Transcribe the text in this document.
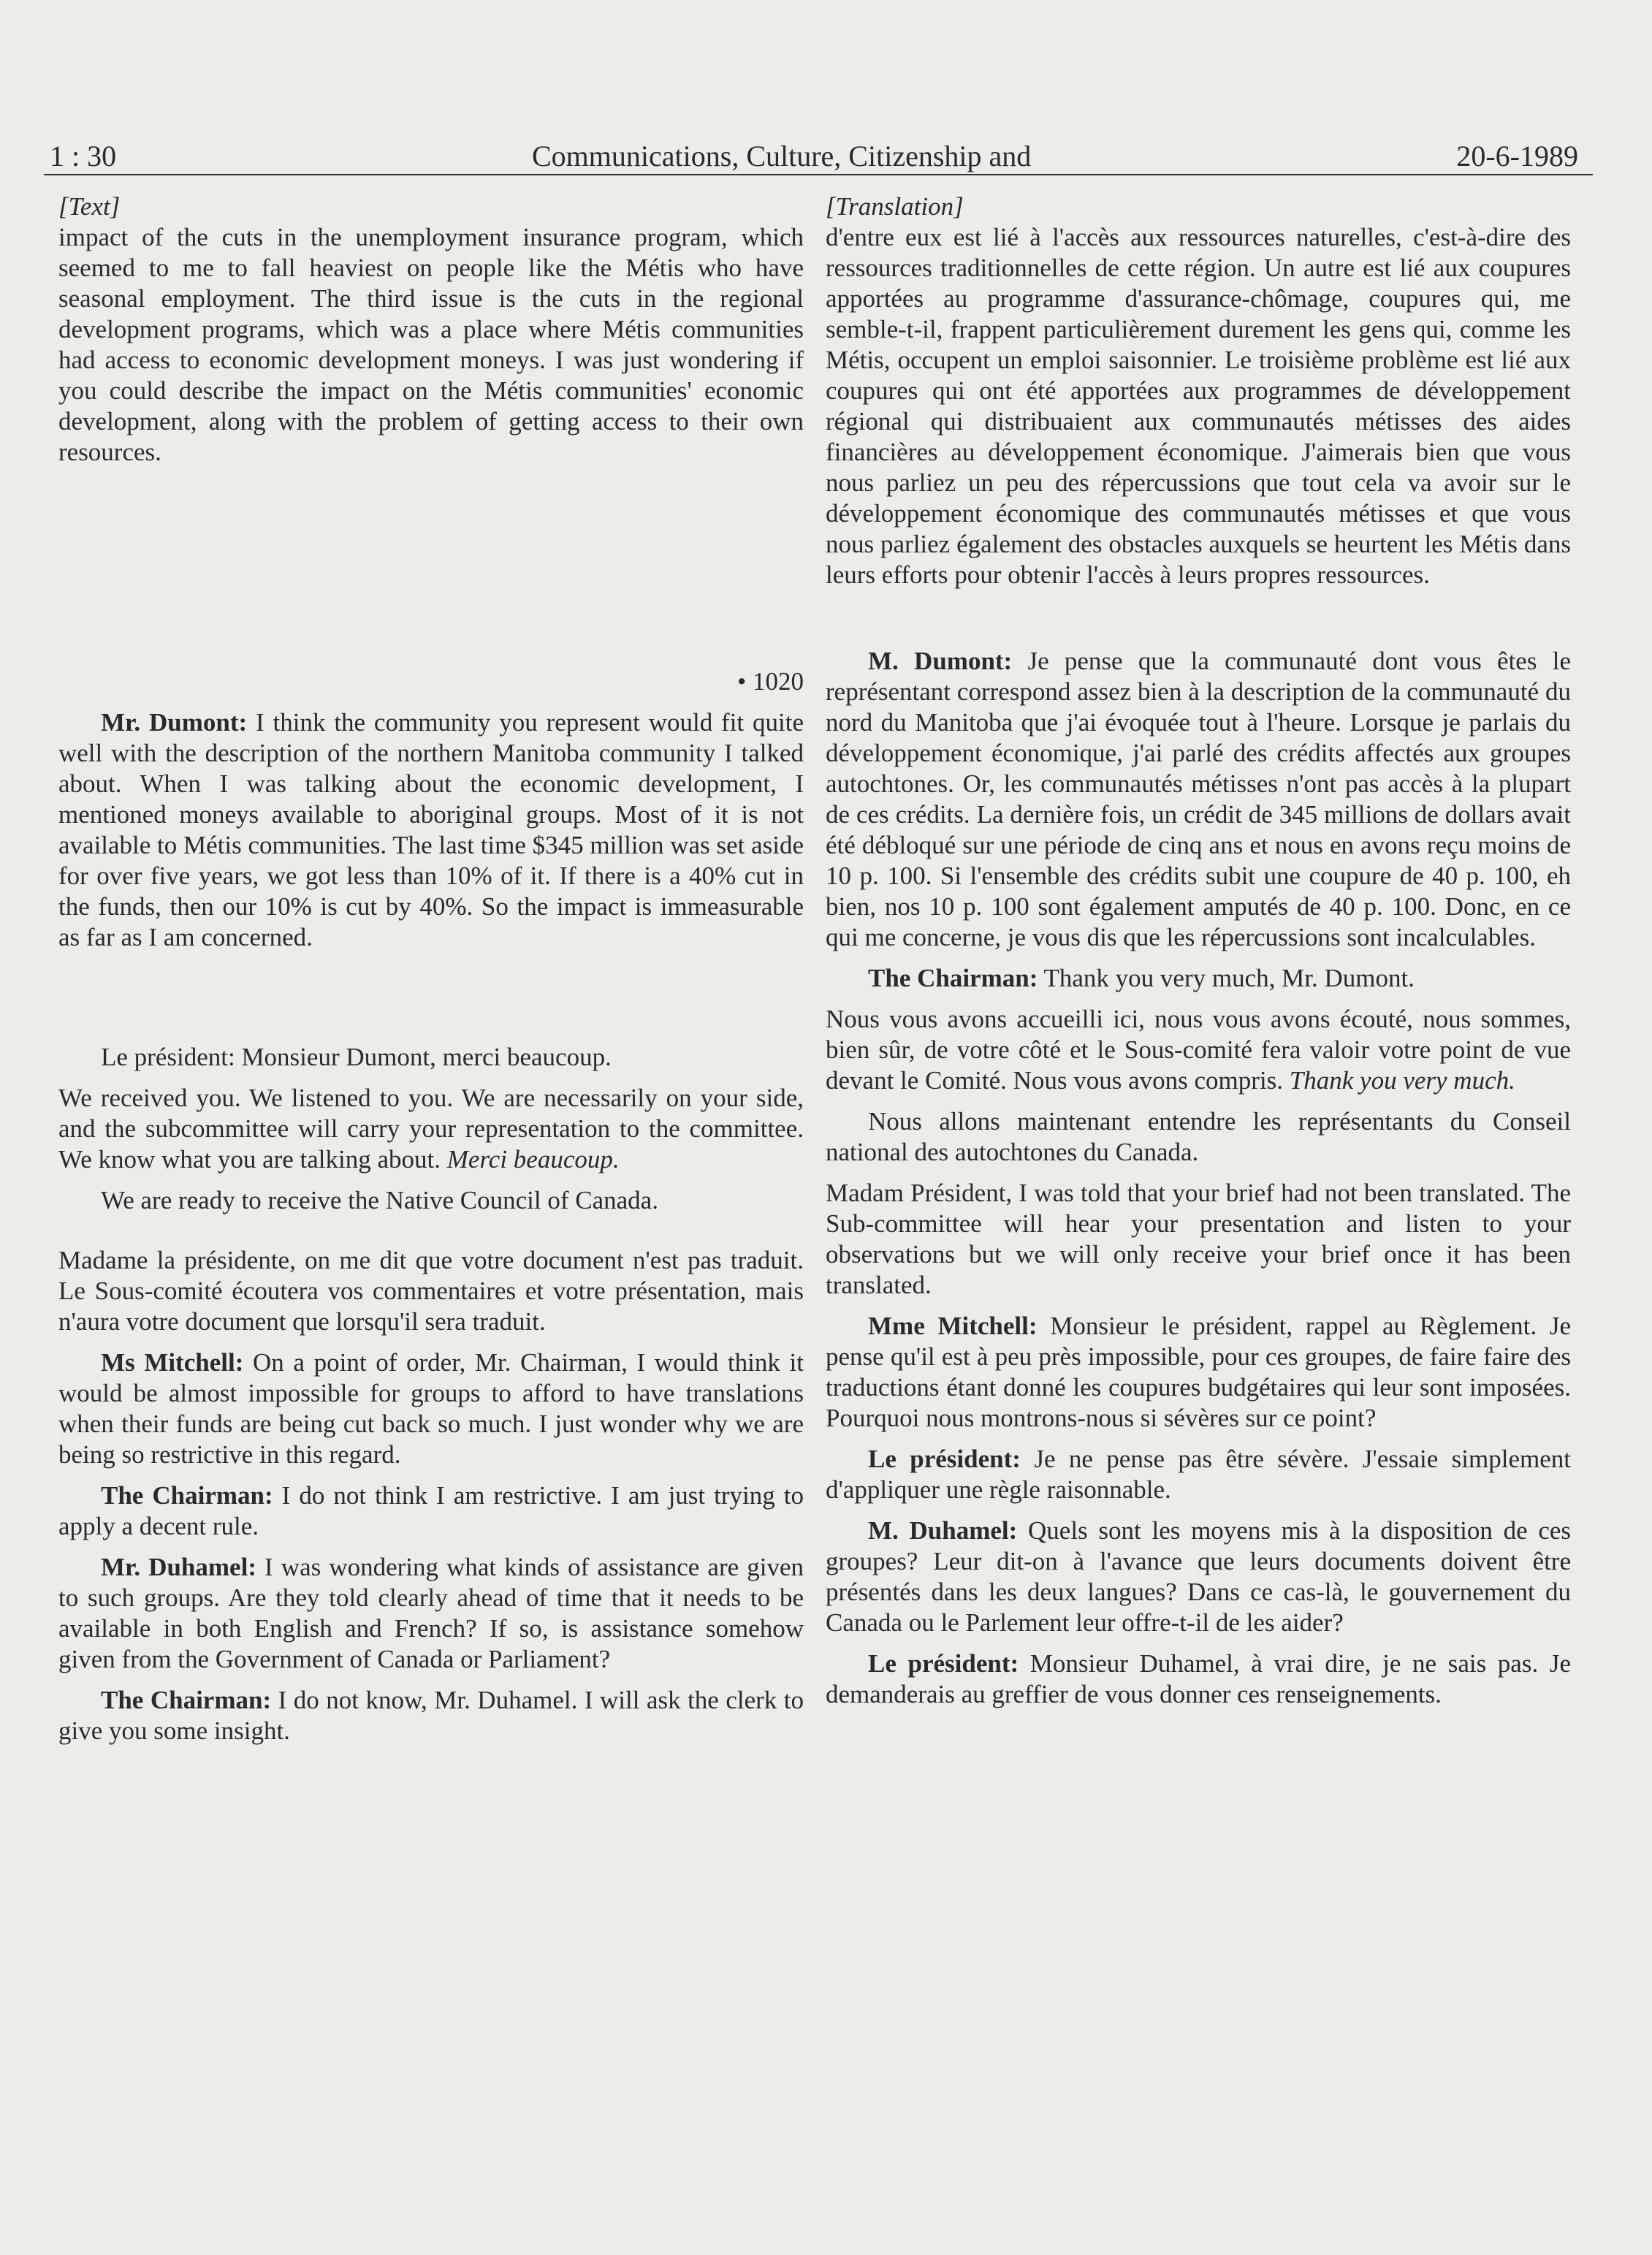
1 : 30	Communications, Culture, Citizenship and	20-6-1989

[Text]

impact of the cuts in the unemployment insurance program, which seemed to me to fall heaviest on people like the Métis who have seasonal employment. The third issue is the cuts in the regional development programs, which was a place where Métis communities had access to economic development moneys. I was just wondering if you could describe the impact on the Métis communities' economic development, along with the problem of getting access to their own resources.

• 1020

Mr. Dumont: I think the community you represent would fit quite well with the description of the northern Manitoba community I talked about. When I was talking about the economic development, I mentioned moneys available to aboriginal groups. Most of it is not available to Métis communities. The last time $345 million was set aside for over five years, we got less than 10% of it. If there is a 40% cut in the funds, then our 10% is cut by 40%. So the impact is immeasurable as far as I am concerned.

Le président: Monsieur Dumont, merci beaucoup.

We received you. We listened to you. We are necessarily on your side, and the subcommittee will carry your representation to the committee. We know what you are talking about. Merci beaucoup.

We are ready to receive the Native Council of Canada.

Madame la présidente, on me dit que votre document n'est pas traduit. Le Sous-comité écoutera vos commentaires et votre présentation, mais n'aura votre document que lorsqu'il sera traduit.

Ms Mitchell: On a point of order, Mr. Chairman, I would think it would be almost impossible for groups to afford to have translations when their funds are being cut back so much. I just wonder why we are being so restrictive in this regard.

The Chairman: I do not think I am restrictive. I am just trying to apply a decent rule.

Mr. Duhamel: I was wondering what kinds of assistance are given to such groups. Are they told clearly ahead of time that it needs to be available in both English and French? If so, is assistance somehow given from the Government of Canada or Parliament?

The Chairman: I do not know, Mr. Duhamel. I will ask the clerk to give you some insight.

[Translation]

d'entre eux est lié à l'accès aux ressources naturelles, c'est-à-dire des ressources traditionnelles de cette région. Un autre est lié aux coupures apportées au programme d'assurance-chômage, coupures qui, me semble-t-il, frappent particulièrement durement les gens qui, comme les Métis, occupent un emploi saisonnier. Le troisième problème est lié aux coupures qui ont été apportées aux programmes de développement régional qui distribuaient aux communautés métisses des aides financières au développement économique. J'aimerais bien que vous nous parliez un peu des répercussions que tout cela va avoir sur le développement économique des communautés métisses et que vous nous parliez également des obstacles auxquels se heurtent les Métis dans leurs efforts pour obtenir l'accès à leurs propres ressources.

M. Dumont: Je pense que la communauté dont vous êtes le représentant correspond assez bien à la description de la communauté du nord du Manitoba que j'ai évoquée tout à l'heure. Lorsque je parlais du développement économique, j'ai parlé des crédits affectés aux groupes autochtones. Or, les communautés métisses n'ont pas accès à la plupart de ces crédits. La dernière fois, un crédit de 345 millions de dollars avait été débloqué sur une période de cinq ans et nous en avons reçu moins de 10 p. 100. Si l'ensemble des crédits subit une coupure de 40 p. 100, eh bien, nos 10 p. 100 sont également amputés de 40 p. 100. Donc, en ce qui me concerne, je vous dis que les répercussions sont incalculables.

The Chairman: Thank you very much, Mr. Dumont.

Nous vous avons accueilli ici, nous vous avons écouté, nous sommes, bien sûr, de votre côté et le Sous-comité fera valoir votre point de vue devant le Comité. Nous vous avons compris. Thank you very much.

Nous allons maintenant entendre les représentants du Conseil national des autochtones du Canada.

Madam Président, I was told that your brief had not been translated. The Sub-committee will hear your presentation and listen to your observations but we will only receive your brief once it has been translated.

Mme Mitchell: Monsieur le président, rappel au Règlement. Je pense qu'il est à peu près impossible, pour ces groupes, de faire faire des traductions étant donné les coupures budgétaires qui leur sont imposées. Pourquoi nous montrons-nous si sévères sur ce point?

Le président: Je ne pense pas être sévère. J'essaie simplement d'appliquer une règle raisonnable.

M. Duhamel: Quels sont les moyens mis à la disposition de ces groupes? Leur dit-on à l'avance que leurs documents doivent être présentés dans les deux langues? Dans ce cas-là, le gouvernement du Canada ou le Parlement leur offre-t-il de les aider?

Le président: Monsieur Duhamel, à vrai dire, je ne sais pas. Je demanderais au greffier de vous donner ces renseignements.
